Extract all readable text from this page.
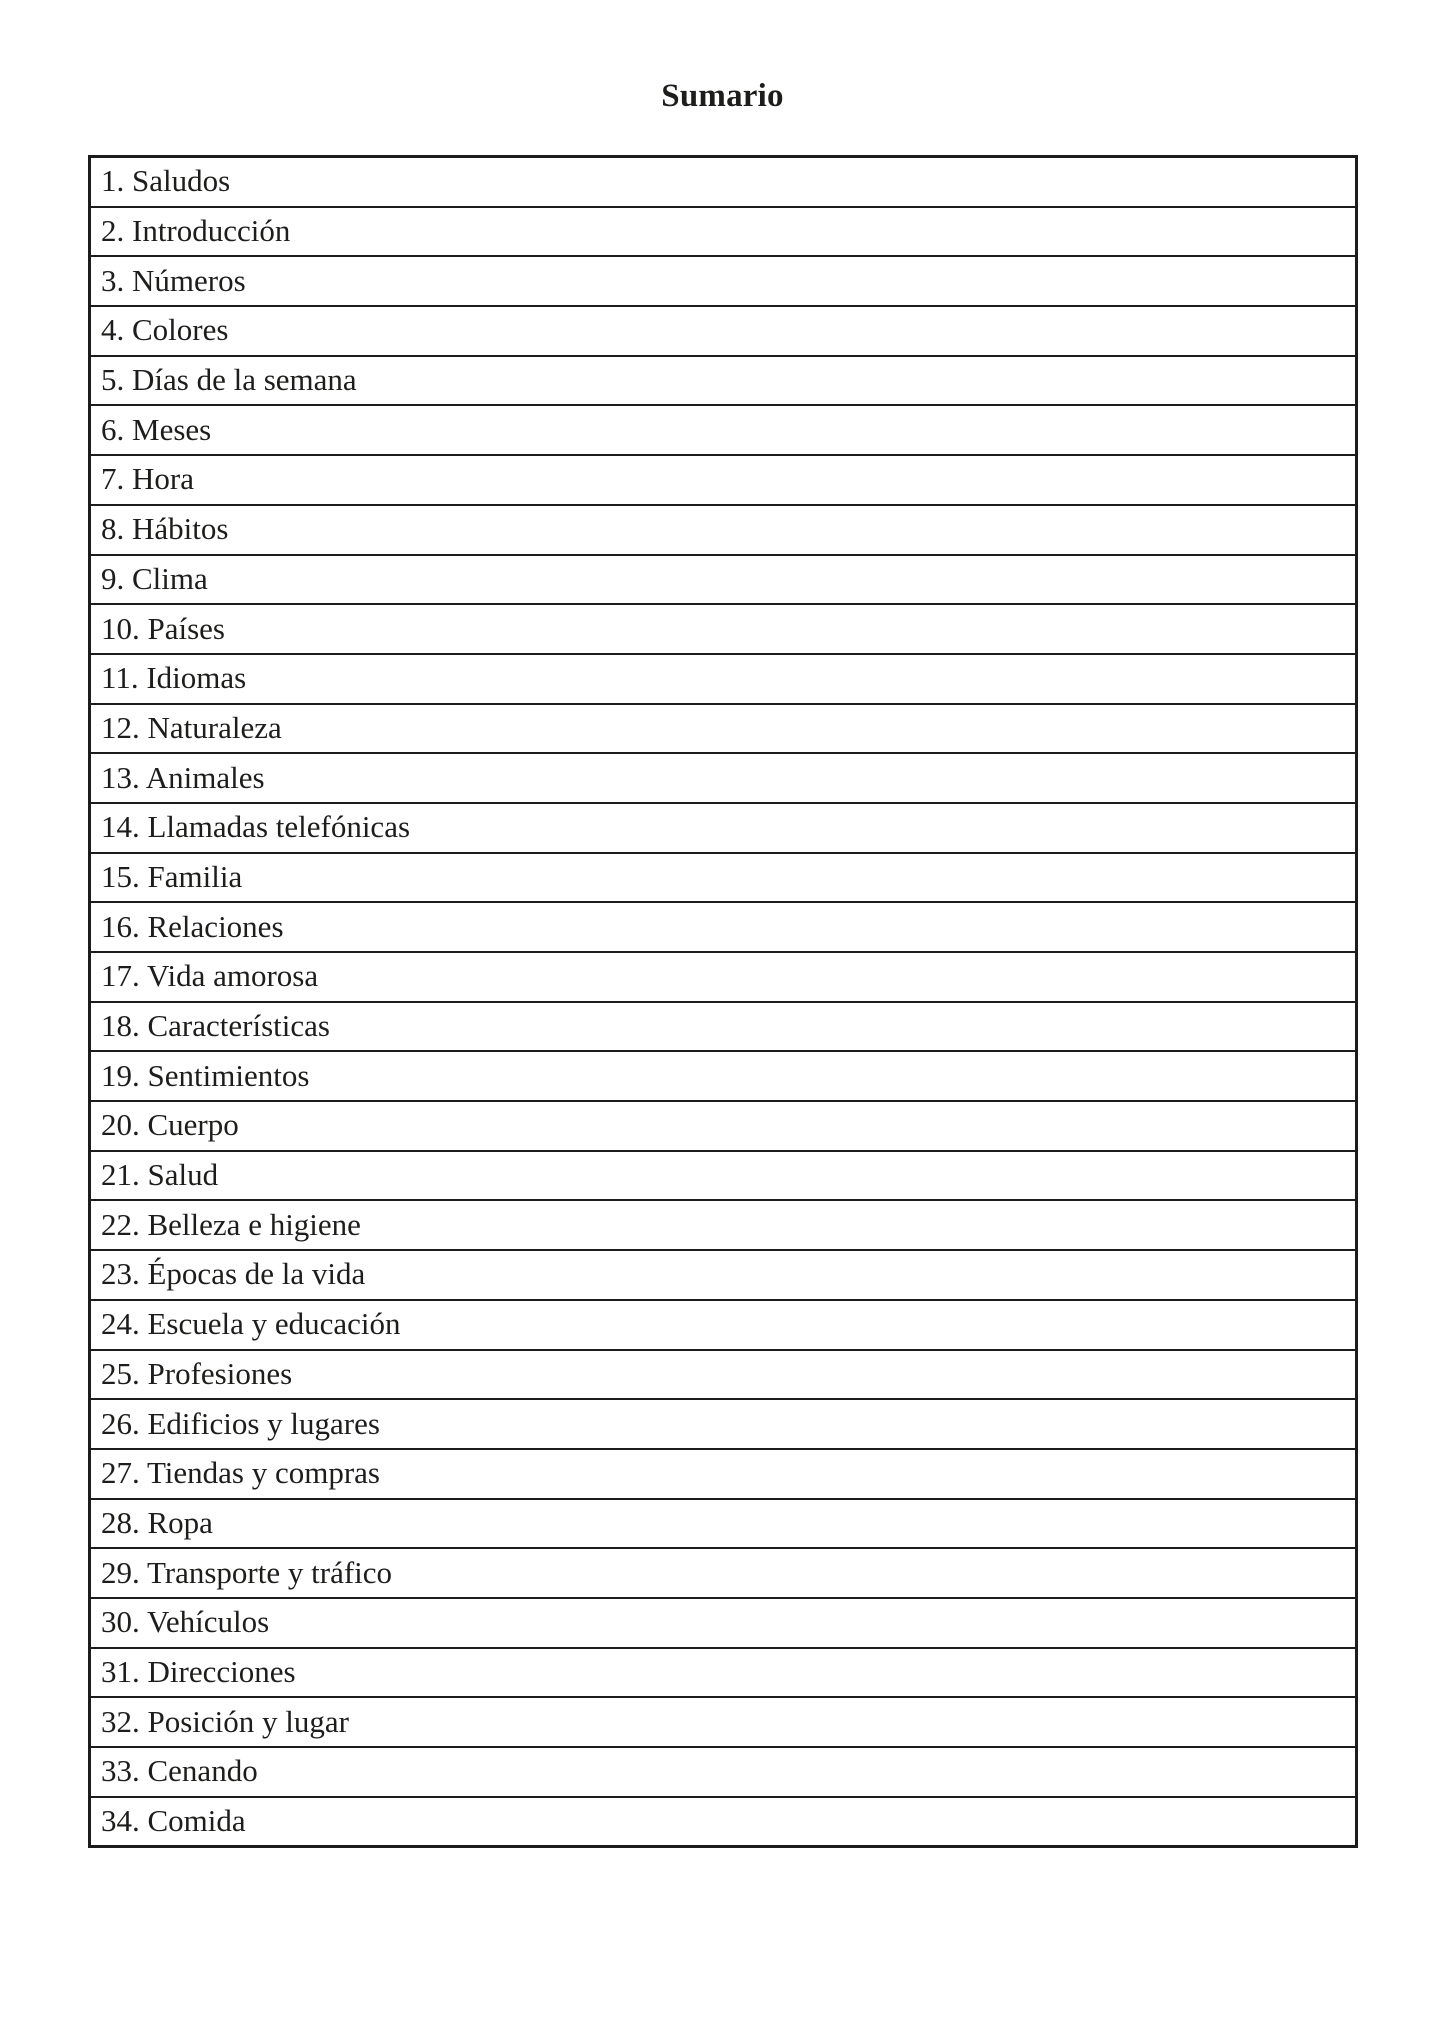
Sumario
1. Saludos
2. Introducción
3. Números
4. Colores
5. Días de la semana
6. Meses
7. Hora
8. Hábitos
9. Clima
10. Países
11. Idiomas
12. Naturaleza
13. Animales
14. Llamadas telefónicas
15. Familia
16. Relaciones
17. Vida amorosa
18. Características
19. Sentimientos
20. Cuerpo
21. Salud
22. Belleza e higiene
23. Épocas de la vida
24. Escuela y educación
25. Profesiones
26. Edificios y lugares
27. Tiendas y compras
28. Ropa
29. Transporte y tráfico
30. Vehículos
31. Direcciones
32. Posición y lugar
33. Cenando
34. Comida
